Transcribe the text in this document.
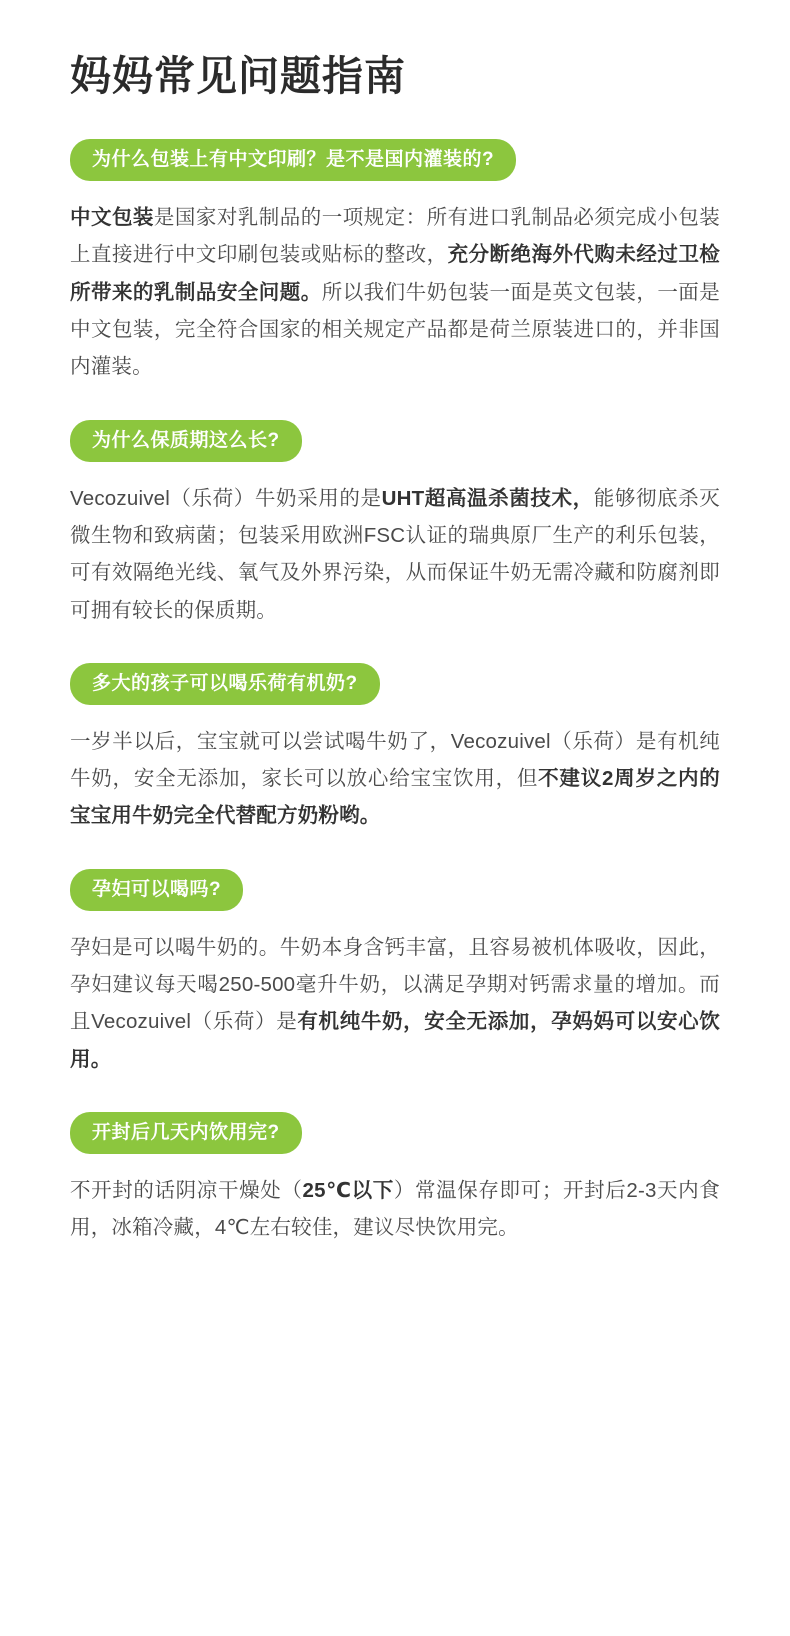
妈妈常见问题指南
为什么包装上有中文印刷？是不是国内灌装的?
中文包装是国家对乳制品的一项规定：所有进口乳制品必须完成小包装上直接进行中文印刷包装或贴标的整改，充分断绝海外代购未经过卫检所带来的乳制品安全问题。所以我们牛奶包装一面是英文包装，一面是中文包装，完全符合国家的相关规定产品都是荷兰原装进口的，并非国内灌装。
为什么保质期这么长?
Vecozuivel（乐荷）牛奶采用的是UHT超高温杀菌技术，能够彻底杀灭微生物和致病菌；包装采用欧洲FSC认证的瑞典原厂生产的利乐包装，可有效隔绝光线、氧气及外界污染，从而保证牛奶无需冷藏和防腐剂即可拥有较长的保质期。
多大的孩子可以喝乐荷有机奶?
一岁半以后，宝宝就可以尝试喝牛奶了，Vecozuivel（乐荷）是有机纯牛奶，安全无添加，家长可以放心给宝宝饮用，但不建议2周岁之内的宝宝用牛奶完全代替配方奶粉哟。
孕妇可以喝吗?
孕妇是可以喝牛奶的。牛奶本身含钙丰富，且容易被机体吸收，因此，孕妇建议每天喝250-500毫升牛奶，以满足孕期对钙需求量的增加。而且Vecozuivel（乐荷）是有机纯牛奶，安全无添加，孕妈妈可以安心饮用。
开封后几天内饮用完?
不开封的话阴凉干燥处（25℃以下）常温保存即可；开封后2-3天内食用，冰箱冷藏，4℃左右较佳，建议尽快饮用完。
